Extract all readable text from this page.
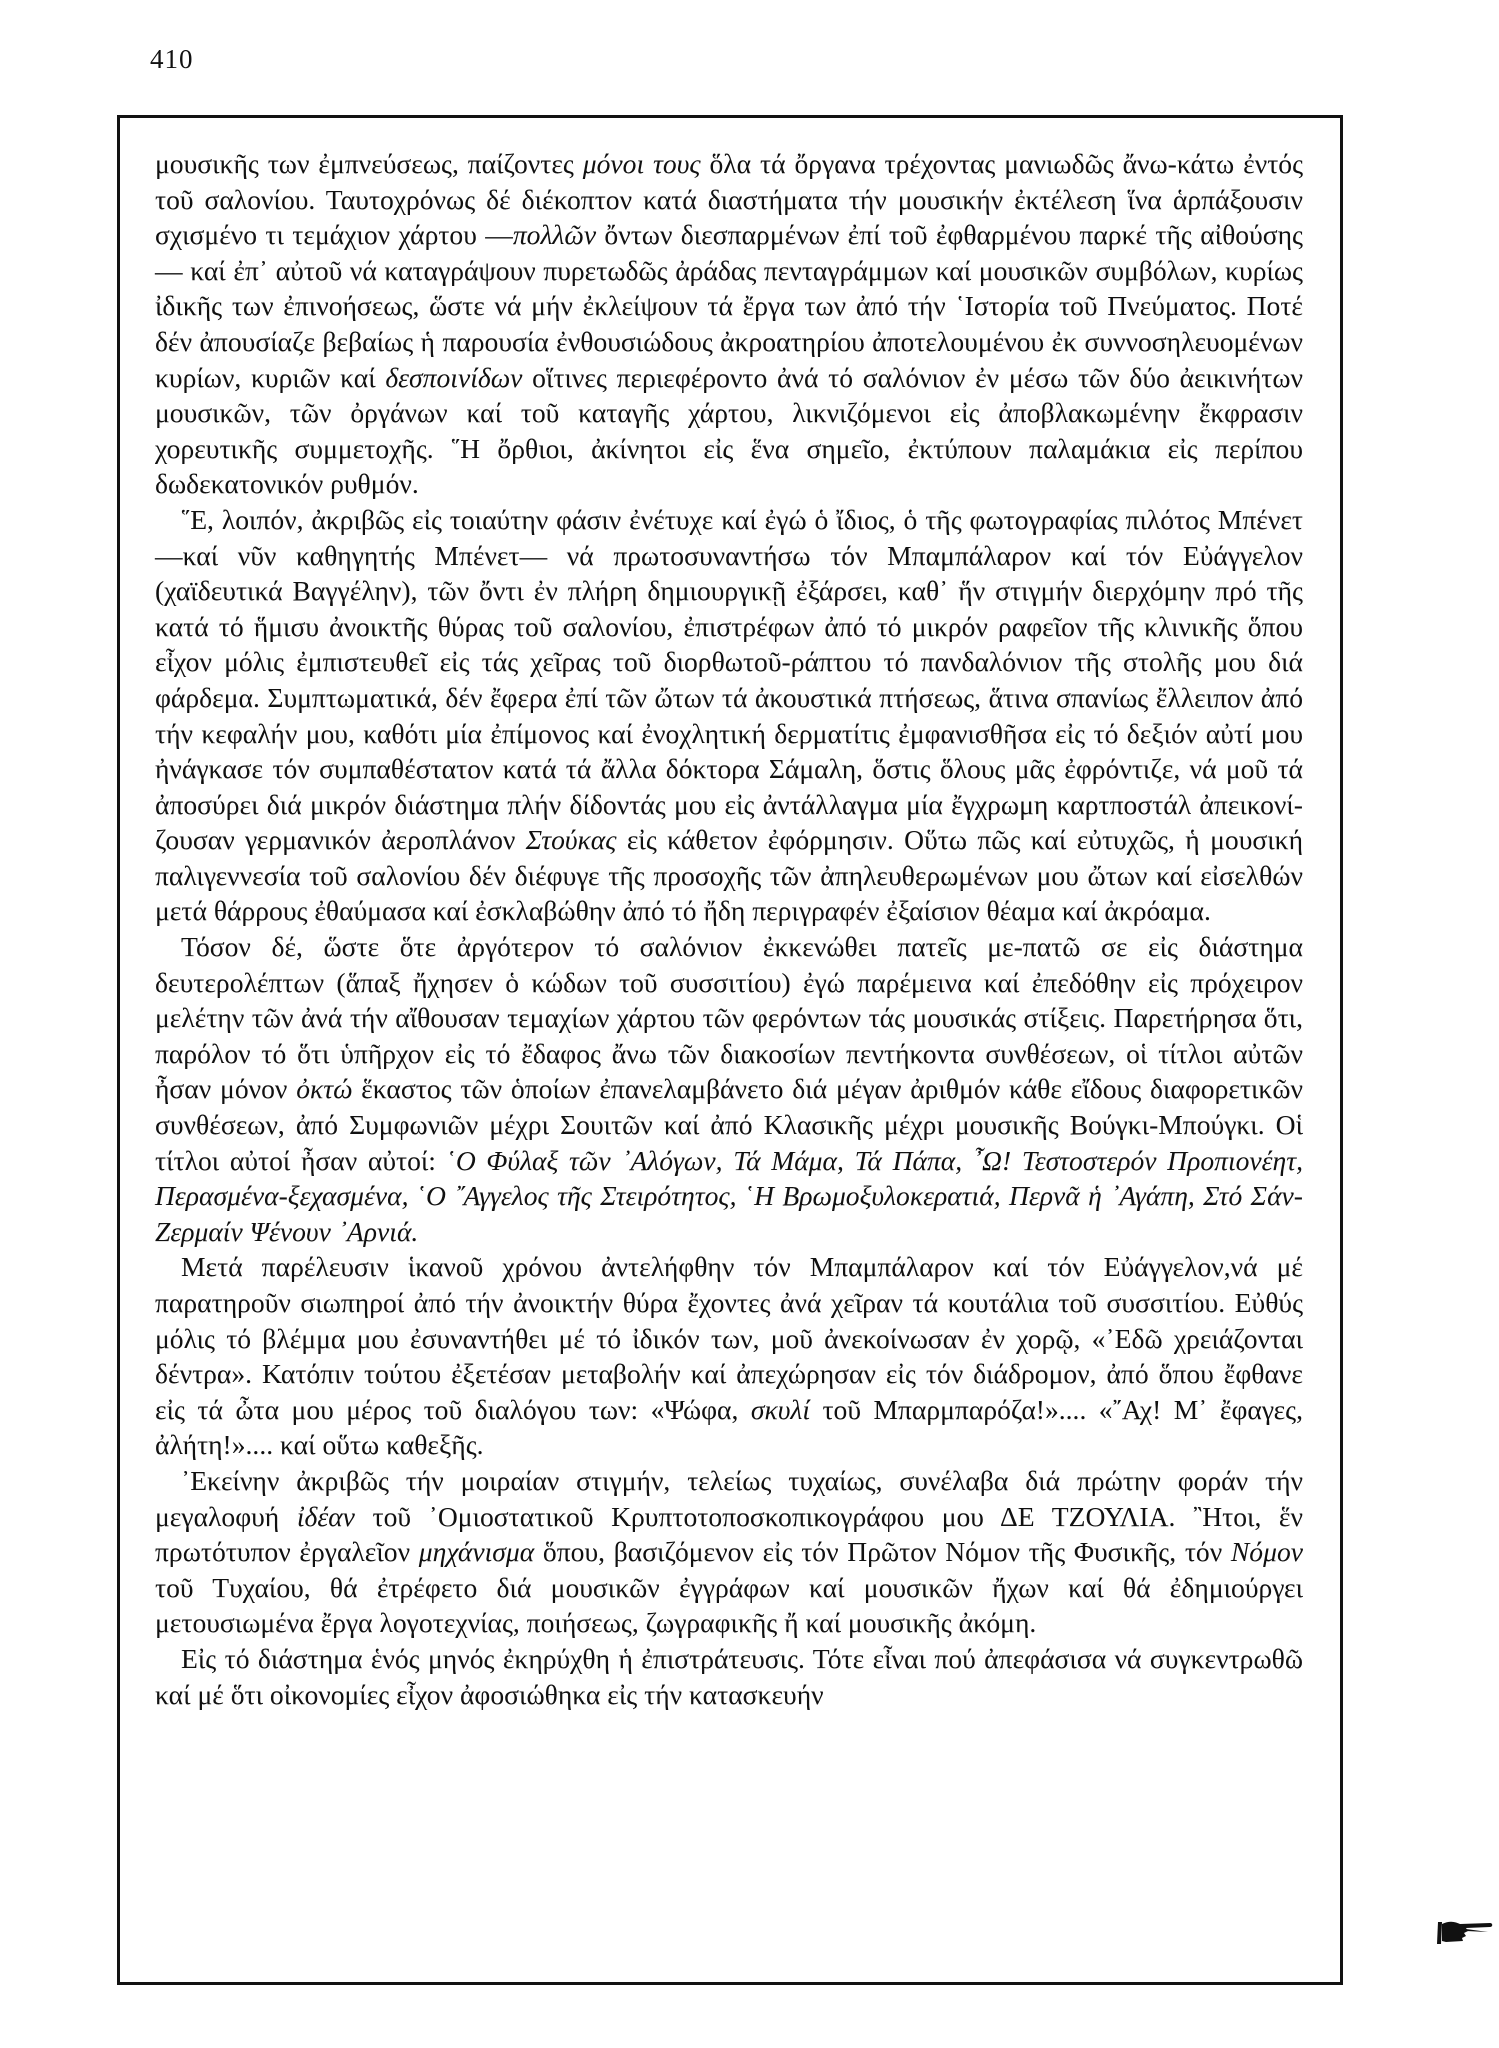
410

μουσικῆς των ἐμπνεύσεως, παίζοντες μόνοι τους ὅλα τά ὄργανα τρέχοντας μανιωδῶς ἄνω-κάτω ἐντός τοῦ σαλονίου. Ταυτοχρόνως δέ διέκοπτον κατά διαστήματα τήν μουσικήν ἐκτέλεση ἵνα ἁρπάξουσιν σχισμένο τι τεμάχιον χάρτου —πολλῶν ὄντων διεσπαρμένων ἐπί τοῦ ἐφθαρμένου παρκέ τῆς αἰθούσης— καί ἐπ᾽ αὐτοῦ νά καταγράψουν πυρετωδῶς ἀράδας πενταγράμμων καί μουσικῶν συμβόλων, κυρίως ἰδικῆς των ἐπινοήσεως, ὥστε νά μήν ἐκλείψουν τά ἔργα των ἀπό τήν ῾Ιστορία τοῦ Πνεύματος. Ποτέ δέν ἀπουσίαζε βεβαίως ἡ παρουσία ἐνθουσιώδους ἀκροατηρίου ἀποτελουμένου ἐκ συννοσηλευομένων κυρίων, κυριῶν καί δεσποινίδων οἵτινες περιεφέροντο ἀνά τό σαλόνιον ἐν μέσω τῶν δύο ἀεικινήτων μουσικῶν, τῶν ὀργάνων καί τοῦ καταγῆς χάρτου, λικνιζόμενοι εἰς ἀποβλακωμένην ἔκφρασιν χορευτικῆς συμμετοχῆς. ῞Η ὄρθιοι, ἀκίνητοι εἰς ἕνα σημεῖο, ἐκτύπουν παλαμάκια εἰς περίπου δωδεκατονικόν ρυθμόν.

῞Ε, λοιπόν, ἀκριβῶς εἰς τοιαύτην φάσιν ἐνέτυχε καί ἐγώ ὁ ἴδιος, ὁ τῆς φωτογραφίας πιλότος Μπένετ —καί νῦν καθηγητής Μπένετ— νά πρωτοσυναντήσω τόν Μπαμπάλαρον καί τόν Εὐάγγελον (χαϊδευτικά Βαγγέλην), τῶν ὄντι ἐν πλήρη δημιουργικῇ ἐξάρσει, καθ᾽ ἥν στιγμήν διερχόμην πρό τῆς κατά τό ἥμισυ ἀνοικτῆς θύρας τοῦ σαλονίου, ἐπιστρέφων ἀπό τό μικρόν ραφεῖον τῆς κλινικῆς ὅπου εἶχον μόλις ἐμπιστευθεῖ εἰς τάς χεῖρας τοῦ διορθωτοῦ-ράπτου τό πανδαλόνιον τῆς στολῆς μου διά φάρδεμα. Συμπτωματικά, δέν ἔφερα ἐπί τῶν ὤτων τά ἀκουστικά πτήσεως, ἅτινα σπανίως ἔλλειπον ἀπό τήν κεφαλήν μου, καθότι μία ἐπίμονος καί ἐνοχλητική δερματίτις ἐμφανισθῆσα εἰς τό δεξιόν αὐτί μου ἠνάγκασε τόν συμπαθέστατον κατά τά ἄλλα δόκτορα Σάμαλη, ὅστις ὅλους μᾶς ἐφρόντιζε, νά μοῦ τά ἀποσύρει διά μικρόν διάστημα πλήν δίδοντάς μου εἰς ἀντάλλαγμα μία ἔγχρωμη καρτποστάλ ἀπεικονίζουσαν γερμανικόν ἀεροπλάνον Στούκας εἰς κάθετον ἐφόρμησιν. Οὕτω πῶς καί εὐτυχῶς, ἡ μουσική παλιγεννεσία τοῦ σαλονίου δέν διέφυγε τῆς προσοχῆς τῶν ἀπηλευθερωμένων μου ὤτων καί εἰσελθών μετά θάρρους ἐθαύμασα καί ἐσκλαβώθην ἀπό τό ἤδη περιγραφέν ἐξαίσιον θέαμα καί ἀκρόαμα.

Τόσον δέ, ὥστε ὅτε ἀργότερον τό σαλόνιον ἐκκενώθει πατεῖς με-πατῶ σε εἰς διάστημα δευτερολέπτων (ἅπαξ ἤχησεν ὁ κώδων τοῦ συσσιτίου) ἐγώ παρέμεινα καί ἐπεδόθην εἰς πρόχειρον μελέτην τῶν ἀνά τήν αἴθουσαν τεμαχίων χάρτου τῶν φερόντων τάς μουσικάς στίξεις. Παρετήρησα ὅτι, παρόλον τό ὅτι ὑπῆρχον εἰς τό ἔδαφος ἄνω τῶν διακοσίων πεντήκοντα συνθέσεων, οἱ τίτλοι αὐτῶν ἦσαν μόνον ὀκτώ ἕκαστος τῶν ὁποίων ἐπανελαμβάνετο διά μέγαν ἀριθμόν κάθε εἴδους διαφορετικῶν συνθέσεων, ἀπό Συμφωνιῶν μέχρι Σουιτῶν καί ἀπό Κλασικῆς μέχρι μουσικῆς Βούγκι-Μπούγκι. Οἱ τίτλοι αὐτοί ἦσαν αὐτοί: ῾Ο Φύλαξ τῶν ᾽Αλόγων, Τά Μάμα, Τά Πάπα, ῏Ω! Τεστοστερόν Προπιονέητ, Περασμένα-ξεχασμένα, ῾Ο ῎Αγγελος τῆς Στειρότητος, ῾Η Βρωμοξυλοκερατιά, Περνᾶ ἡ ᾽Αγάπη, Στό Σάν-Ζερμαίν Ψένουν ᾽Αρνιά.

Μετά παρέλευσιν ἱκανοῦ χρόνου ἀντελήφθην τόν Μπαμπάλαρον καί τόν Εὐάγγελον,νά μέ παρατηροῦν σιωπηροί ἀπό τήν ἀνοικτήν θύρα ἔχοντες ἀνά χεῖραν τά κουτάλια τοῦ συσσιτίου. Εὐθύς μόλις τό βλέμμα μου ἐσυναντήθει μέ τό ἰδικόν των, μοῦ ἀνεκοίνωσαν ἐν χορῷ, «᾽Εδῶ χρειάζονται δέντρα». Κατόπιν τούτου ἐξετέσαν μεταβολήν καί ἀπεχώρησαν εἰς τόν διάδρομον, ἀπό ὅπου ἔφθανε εἰς τά ὦτα μου μέρος τοῦ διαλόγου των: «Ψώφα, σκυλί τοῦ Μπαρμπαρόζα!».... «῎Αχ! Μ᾽ ἔφαγες, ἀλήτη!».... καί οὕτω καθεξῆς.

᾽Εκείνην ἀκριβῶς τήν μοιραίαν στιγμήν, τελείως τυχαίως, συνέλαβα διά πρώτην φοράν τήν μεγαλοφυή ἰδέαν τοῦ ᾽Ομιοστατικοῦ Κρυπτοτοποσκοπικογράφου μου ΔΕ ΤΖΟΥΛΙΑ. ῍Ητοι, ἕν πρωτότυπον ἐργαλεῖον μηχάνισμα ὅπου, βασιζόμενον εἰς τόν Πρῶτον Νόμον τῆς Φυσικῆς, τόν Νόμον τοῦ Τυχαίου, θά ἐτρέφετο διά μουσικῶν ἐγγράφων καί μουσικῶν ἤχων καί θά ἐδημιούργει μετουσιωμένα ἔργα λογοτεχνίας, ποιήσεως, ζωγραφικῆς ἤ καί μουσικῆς ἀκόμη.

Εἰς τό διάστημα ἑνός μηνός ἐκηρύχθη ἡ ἐπιστράτευσις. Τότε εἶναι πού ἀπεφάσισα νά συγκεντρωθῶ καί μέ ὅτι οἰκονομίες εἶχον ἀφοσιώθηκα εἰς τήν κατασκευήν
